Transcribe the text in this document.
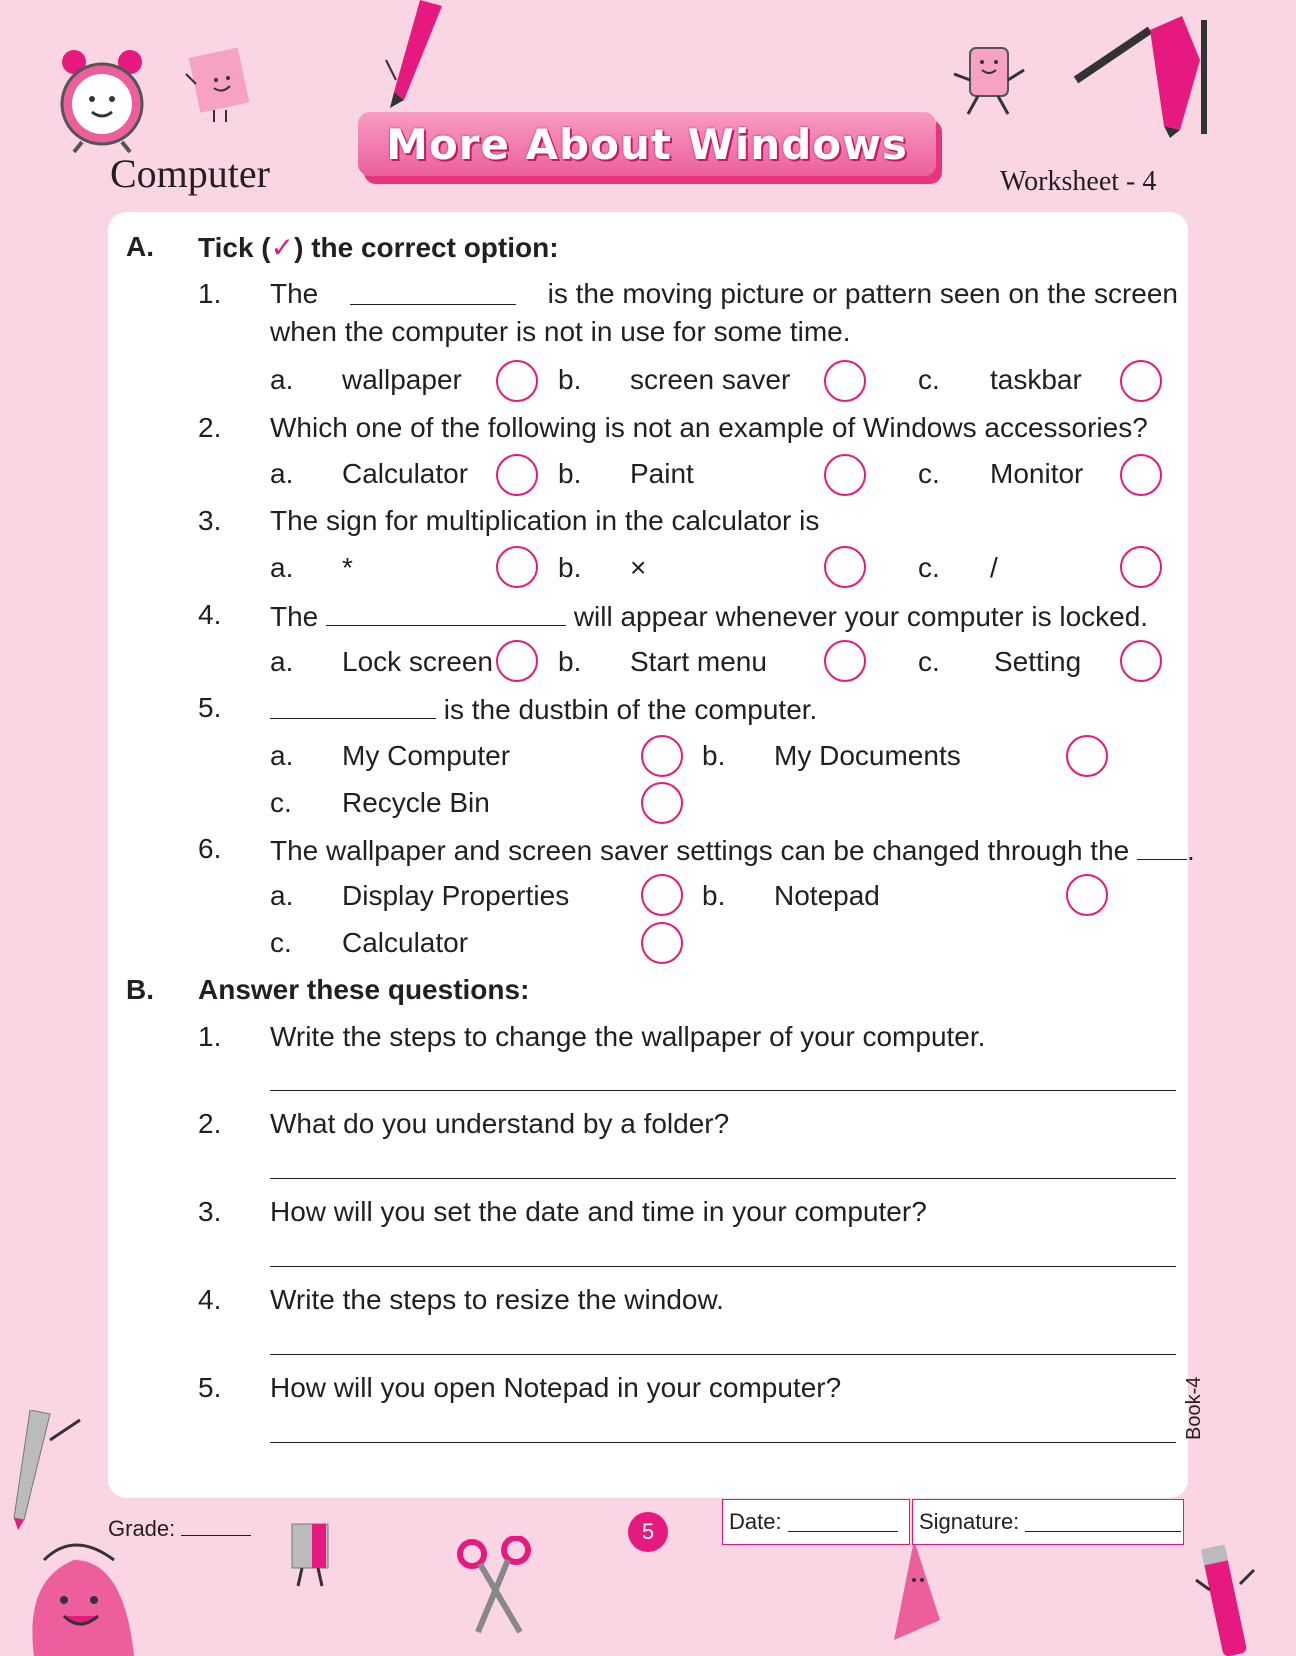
Computer
More About Windows
Worksheet - 4
A. Tick (✓) the correct option:
1. The	is the moving picture or pattern seen on the screen
when the computer is not in use for some time.
a. wallpaper	b. screen saver	c. taskbar
2. Which one of the following is not an example of Windows accessories?
a. Calculator	b. Paint	c. Monitor
3. The sign for multiplication in the calculator is
a. *	b. ×	c. /
4. The	will appear whenever your computer is locked.
a. Lock screen b. Start menu	c. Setting
5.	is the dustbin of the computer.
a. My Computer	b. My Documents
c. Recycle Bin
6. The wallpaper and screen saver settings can be changed through the .
a. Display Properties	b. Notepad
c. Calculator
B. Answer these questions:
1. Write the steps to change the wallpaper of your computer.
2. What do you understand by a folder?
3. How will you set the date and time in your computer?
4. Write the steps to resize the window.
5. How will you open Notepad in your computer?	Book-4
Grade:	5	Date:	Signature:
